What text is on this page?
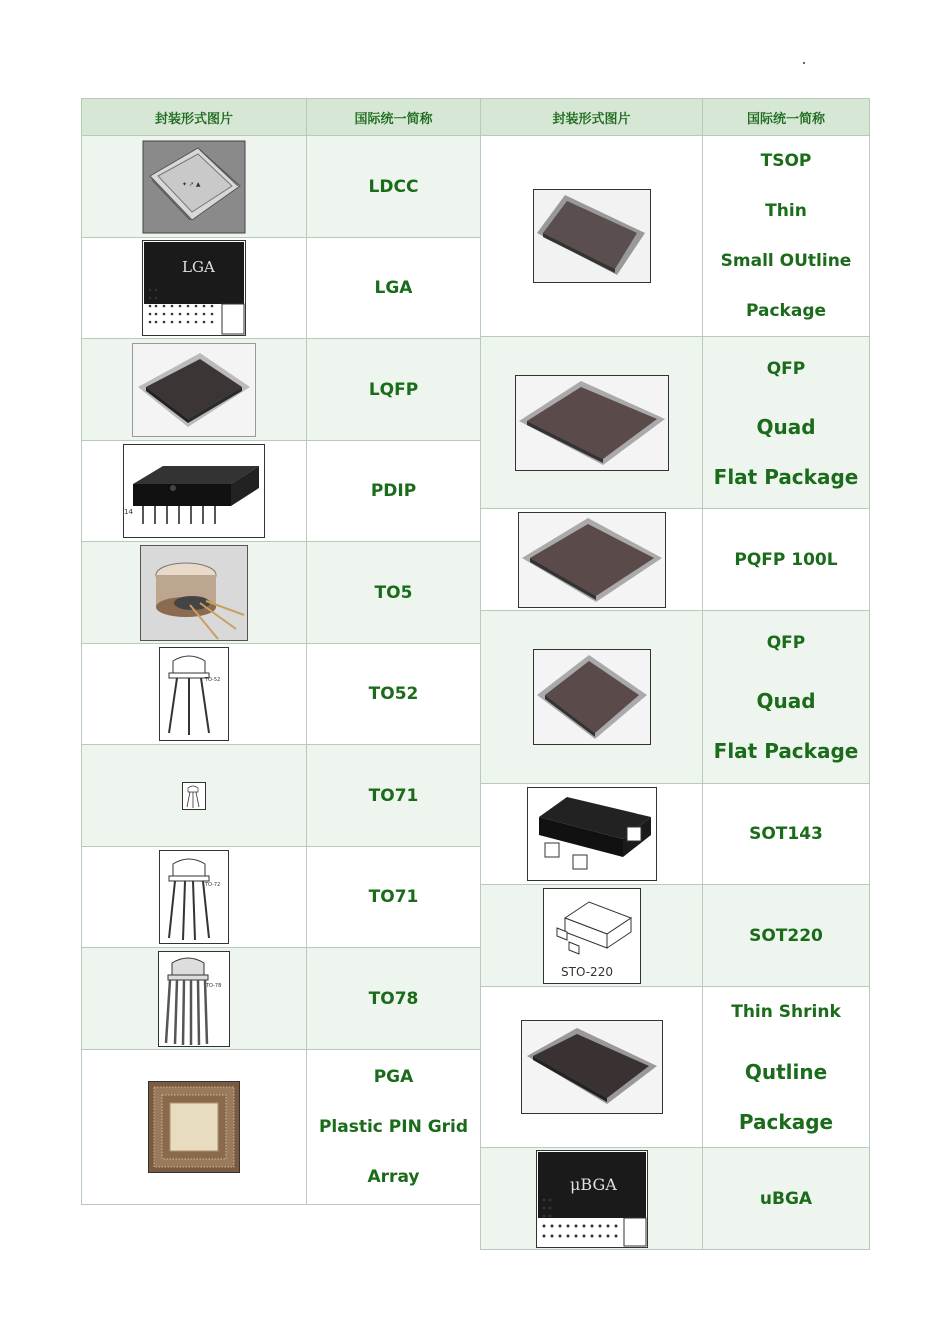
封装形式图片	国际统一简称

✦ ↗ ▲	LDCC

LGA	LGA

LQFP

14	PDIP

TO5

TO-52	TO52

TO71

TO-72	TO71

TO-78	TO78

PGA
Plastic PIN Grid
Array
封装形式图片	国际统一简称

TSOP
Thin
Small OUtline
Package

QFP
Quad
Flat Package

PQFP 100L

QFP
Quad
Flat Package

SOT-143	SOT143

STO-220	SOT220

Thin Shrink
Qutline Package

μBGA	uBGA
